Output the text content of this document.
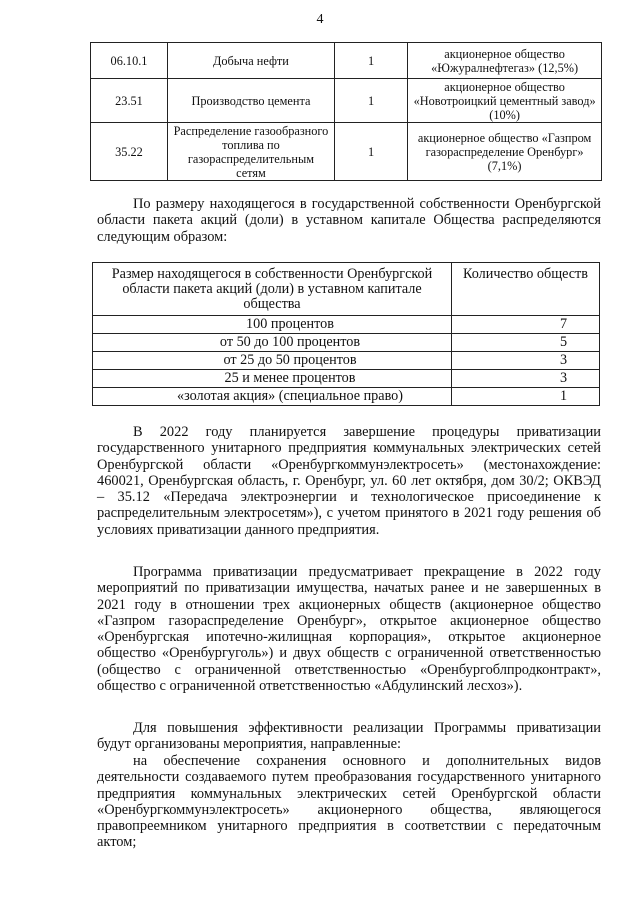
4
06.10.1	Добыча нефти	1	акционерное общество «Южуралнефтегаз» (12,5%)
23.51	Производство цемента	1	акционерное общество «Новотроицкий цементный завод» (10%)
35.22	Распределение газообразного топлива по газораспределительным сетям	1	акционерное общество «Газпром газораспределение Оренбург» (7,1%)

По размеру находящегося в государственной собственности Оренбургской области пакета акций (доли) в уставном капитале Общества распределяются следующим образом:

Размер находящегося в собственности Оренбургской области пакета акций (доли) в уставном капитале общества	Количество обществ
100 процентов	7
от 50 до 100 процентов	5
от 25 до 50 процентов	3
25 и менее процентов	3
«золотая акция» (специальное право)	1

В 2022 году планируется завершение процедуры приватизации государственного унитарного предприятия коммунальных электрических сетей Оренбургской области «Оренбургкоммунэлектросеть» (местонахождение: 460021, Оренбургская область, г. Оренбург, ул. 60 лет октября, дом 30/2; ОКВЭД – 35.12 «Передача электроэнергии и технологическое присоединение к распределительным электросетям»), с учетом принятого в 2021 году решения об условиях приватизации данного предприятия.

Программа приватизации предусматривает прекращение в 2022 году мероприятий по приватизации имущества, начатых ранее и не завершенных в 2021 году в отношении трех акционерных обществ (акционерное общество «Газпром газораспределение Оренбург», открытое акционерное общество «Оренбургская ипотечно-жилищная корпорация», открытое акционерное общество «Оренбургуголь») и двух обществ с ограниченной ответственностью (общество с ограниченной ответственностью «Оренбургоблпродконтракт», общество с ограниченной ответственностью «Абдулинский лесхоз»).

Для повышения эффективности реализации Программы приватизации будут организованы мероприятия, направленные:

на обеспечение сохранения основного и дополнительных видов деятельности создаваемого путем преобразования государственного унитарного предприятия коммунальных электрических сетей Оренбургской области «Оренбургкоммунэлектросеть» акционерного общества, являющегося правопреемником унитарного предприятия в соответствии с передаточным актом;
